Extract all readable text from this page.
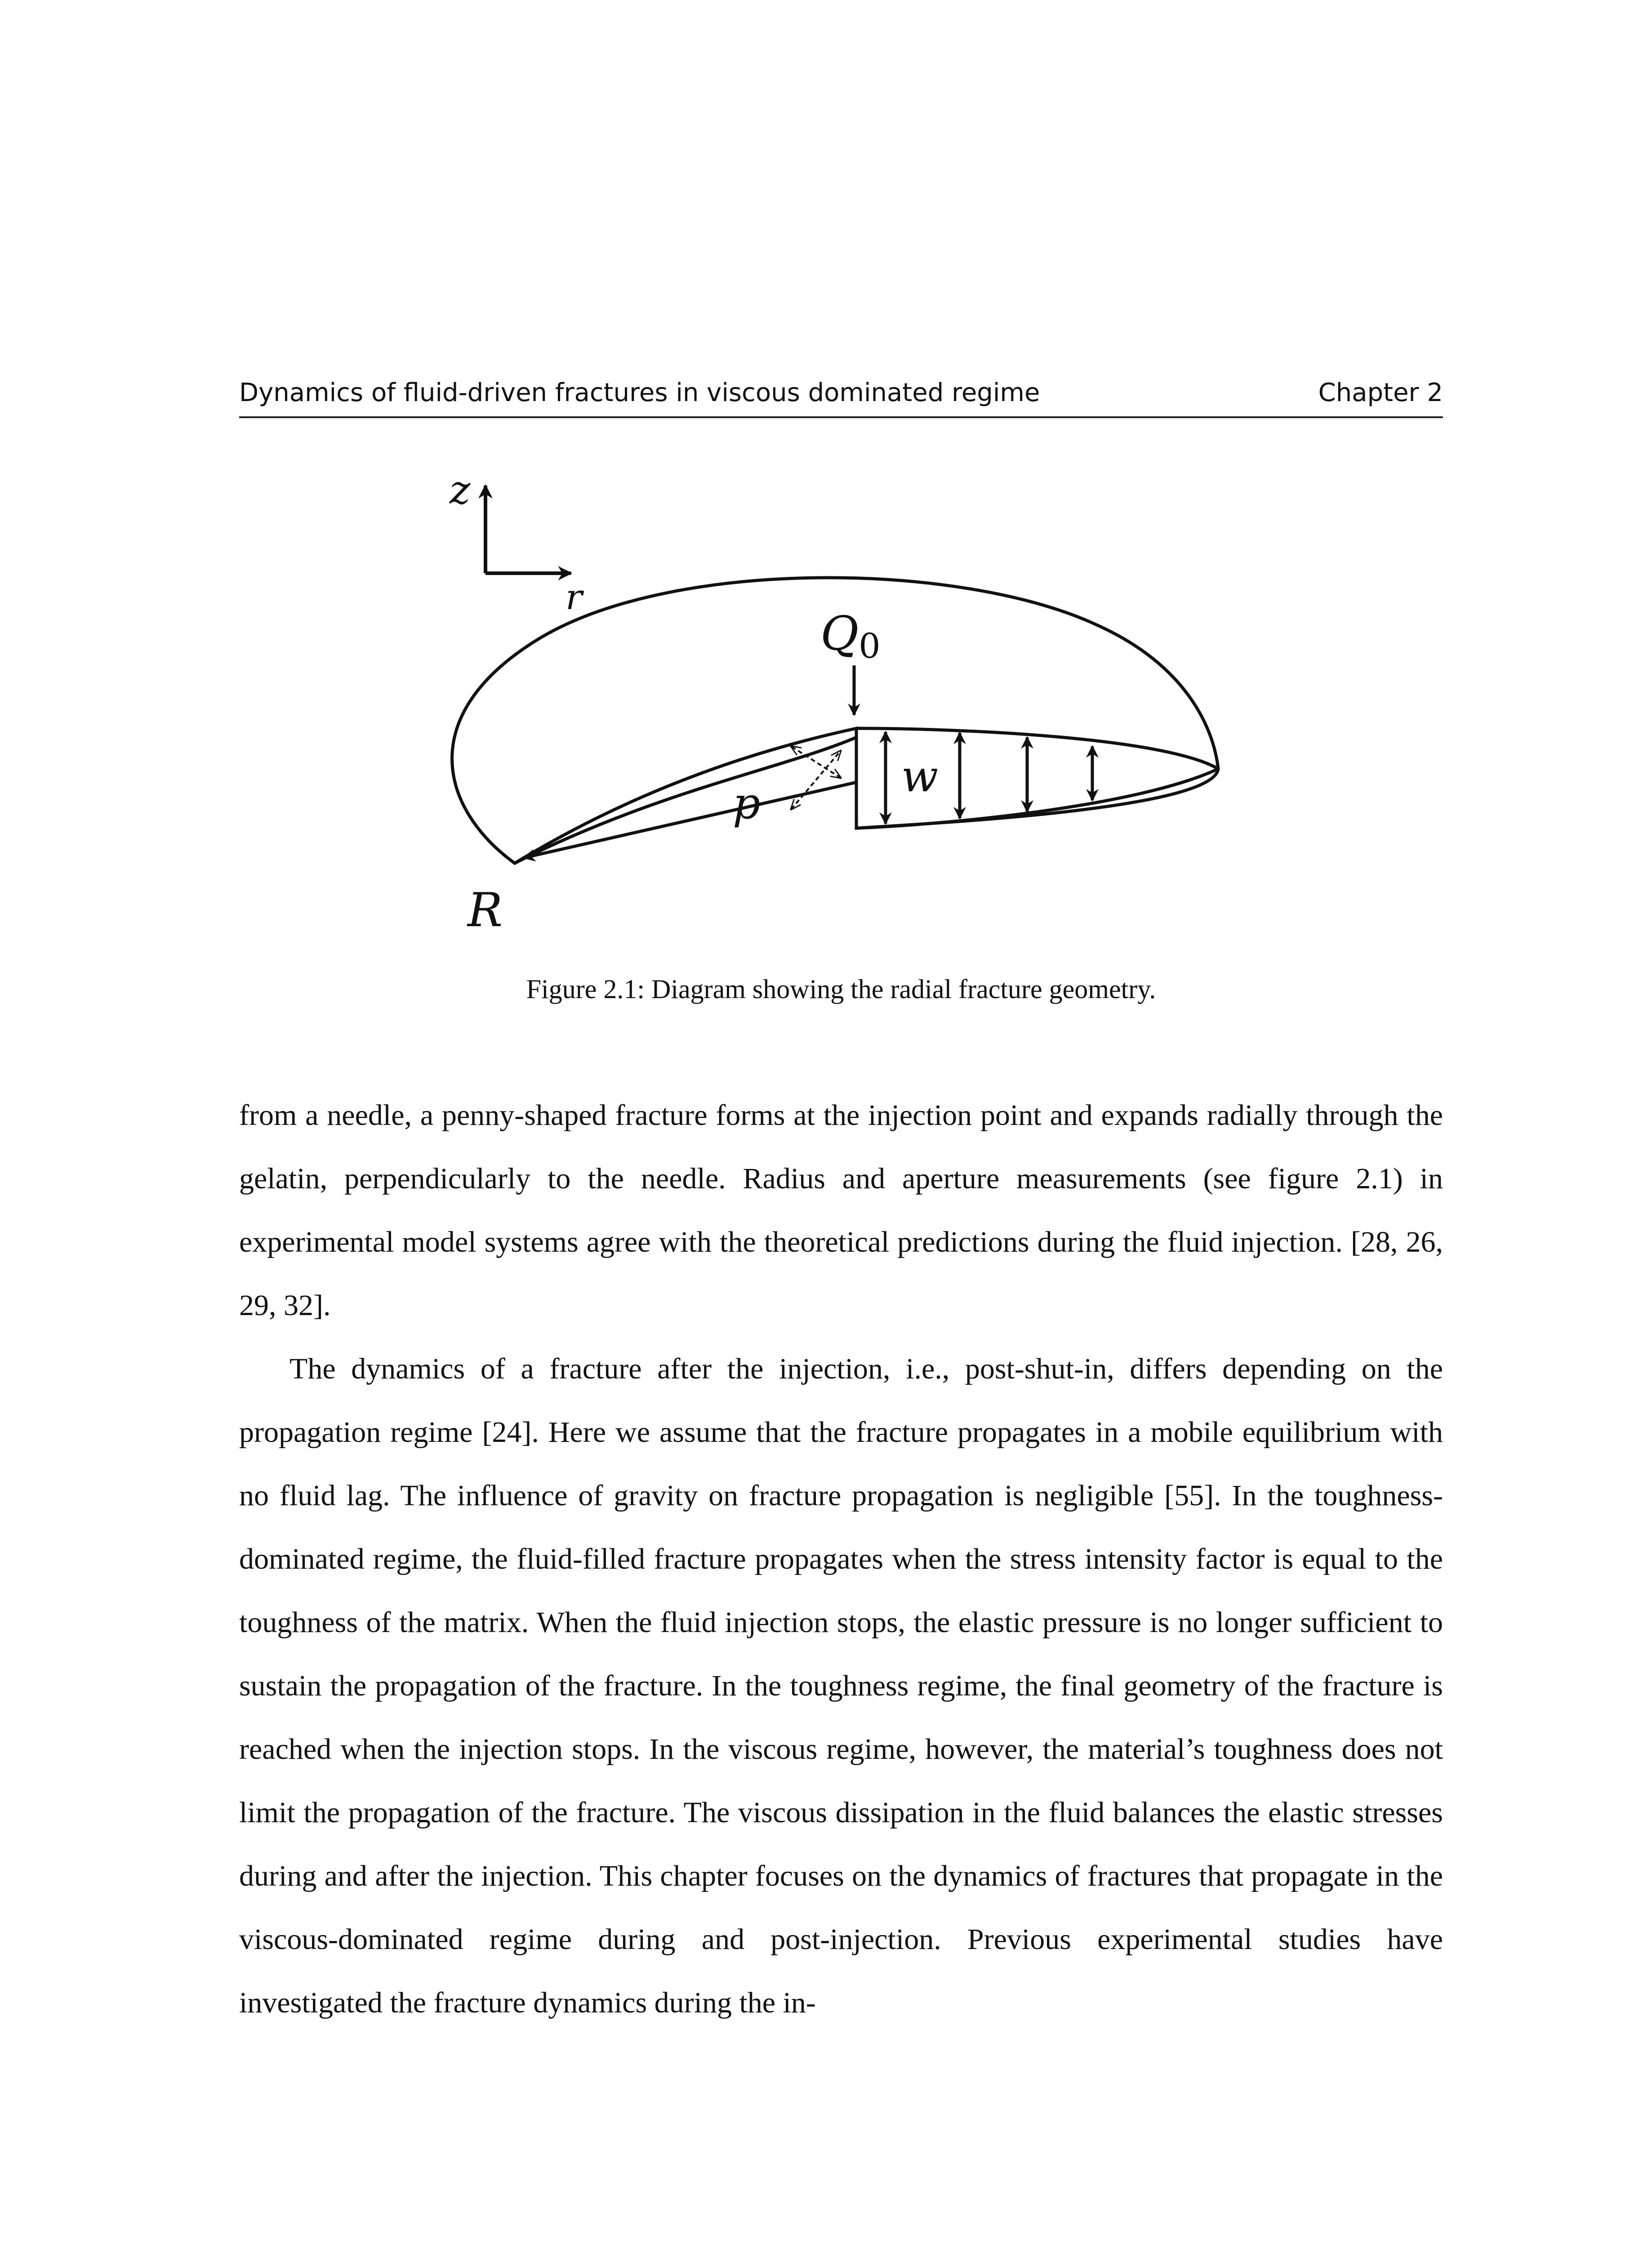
Dynamics of fluid-driven fractures in viscous dominated regime	Chapter 2
z
r
Q0
p
w
R
Figure 2.1: Diagram showing the radial fracture geometry.

from a needle, a penny-shaped fracture forms at the injection point and expands radially through the gelatin, perpendicularly to the needle. Radius and aperture measurements (see figure 2.1) in experimental model systems agree with the theoretical predictions during the fluid injection. [28, 26, 29, 32].

The dynamics of a fracture after the injection, i.e., post-shut-in, differs depending on the propagation regime [24]. Here we assume that the fracture propagates in a mobile equilibrium with no fluid lag. The influence of gravity on fracture propagation is negligible [55]. In the toughness-dominated regime, the fluid-filled fracture propagates when the stress intensity factor is equal to the toughness of the matrix. When the fluid injection stops, the elastic pressure is no longer sufficient to sustain the propagation of the fracture. In the toughness regime, the final geometry of the fracture is reached when the injection stops. In the viscous regime, however, the material’s toughness does not limit the propagation of the fracture. The viscous dissipation in the fluid balances the elastic stresses during and after the injection. This chapter focuses on the dynamics of fractures that propagate in the viscous-dominated regime during and post-injection. Previous experimental studies have investigated the fracture dynamics during the in-
